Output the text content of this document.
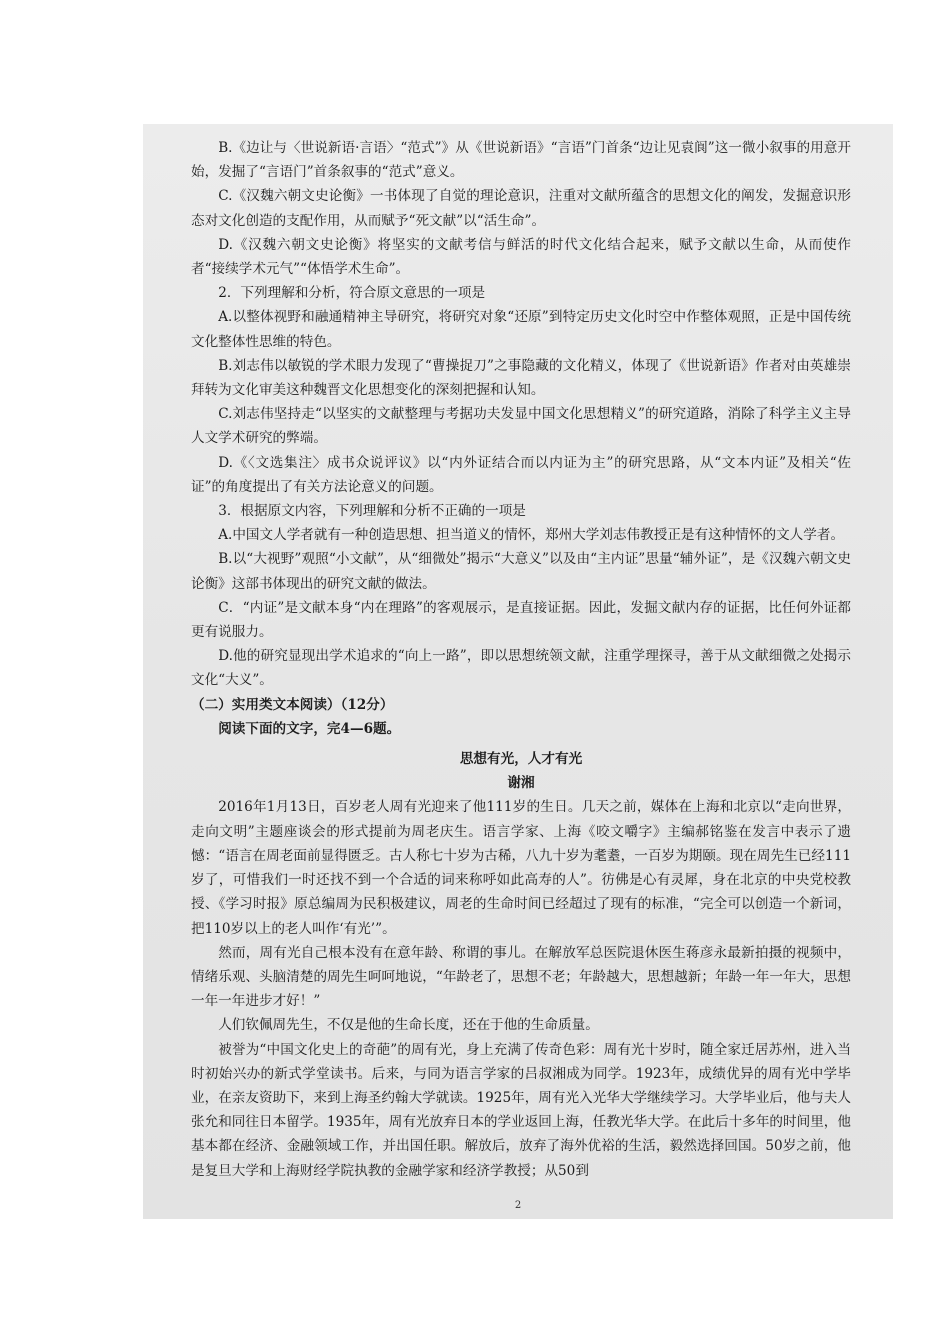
B.《边让与〈世说新语·言语〉“范式”》从《世说新语》“言语”门首条“边让见袁阆”这一微小叙事的用意开始，发掘了“言语门”首条叙事的“范式”意义。

C.《汉魏六朝文史论衡》一书体现了自觉的理论意识，注重对文献所蕴含的思想文化的阐发，发掘意识形态对文化创造的支配作用，从而赋予“死文献”以“活生命”。

D.《汉魏六朝文史论衡》将坚实的文献考信与鲜活的时代文化结合起来，赋予文献以生命，从而使作者“接续学术元气”“体悟学术生命”。

2．下列理解和分析，符合原文意思的一项是

A.以整体视野和融通精神主导研究，将研究对象“还原”到特定历史文化时空中作整体观照，正是中国传统文化整体性思维的特色。

B.刘志伟以敏锐的学术眼力发现了“曹操捉刀”之事隐藏的文化精义，体现了《世说新语》作者对由英雄崇拜转为文化审美这种魏晋文化思想变化的深刻把握和认知。

C.刘志伟坚持走“以坚实的文献整理与考据功夫发显中国文化思想精义”的研究道路，消除了科学主义主导人文学术研究的弊端。

D.《〈文选集注〉成书众说评议》以“内外证结合而以内证为主”的研究思路，从“文本内证”及相关“佐证”的角度提出了有关方法论意义的问题。

3．根据原文内容，下列理解和分析不正确的一项是

A.中国文人学者就有一种创造思想、担当道义的情怀，郑州大学刘志伟教授正是有这种情怀的文人学者。

B.以“大视野”观照“小文献”，从“细微处”揭示“大意义”以及由“主内证”思量“辅外证”，是《汉魏六朝文史论衡》这部书体现出的研究文献的做法。

C．“内证”是文献本身“内在理路”的客观展示，是直接证据。因此，发掘文献内存的证据，比任何外证都更有说服力。

D.他的研究显现出学术追求的“向上一路”，即以思想统领文献，注重学理探寻，善于从文献细微之处揭示文化“大义”。

（二）实用类文本阅读）（12分）

阅读下面的文字，完4—6题。

思想有光，人才有光

谢湘

2016年1月13日，百岁老人周有光迎来了他111岁的生日。几天之前，媒体在上海和北京以“走向世界，走向文明”主题座谈会的形式提前为周老庆生。语言学家、上海《咬文嚼字》主编郝铭鉴在发言中表示了遗憾：“语言在周老面前显得匮乏。古人称七十岁为古稀，八九十岁为耄耋，一百岁为期颐。现在周先生已经111岁了，可惜我们一时还找不到一个合适的词来称呼如此高寿的人”。彷佛是心有灵犀，身在北京的中央党校教授、《学习时报》原总编周为民积极建议，周老的生命时间已经超过了现有的标准，“完全可以创造一个新词，把110岁以上的老人叫作‘有光’”。

然而，周有光自己根本没有在意年龄、称谓的事儿。在解放军总医院退休医生蒋彦永最新拍摄的视频中，情绪乐观、头脑清楚的周先生呵呵地说，“年龄老了，思想不老；年龄越大，思想越新；年龄一年一年大，思想一年一年进步才好！”

人们钦佩周先生，不仅是他的生命长度，还在于他的生命质量。

被誉为“中国文化史上的奇葩”的周有光，身上充满了传奇色彩：周有光十岁时，随全家迁居苏州，进入当时初始兴办的新式学堂读书。后来，与同为语言学家的吕叔湘成为同学。1923年，成绩优异的周有光中学毕业，在亲友资助下，来到上海圣约翰大学就读。1925年，周有光入光华大学继续学习。大学毕业后，他与夫人张允和同往日本留学。1935年，周有光放弃日本的学业返回上海，任教光华大学。在此后十多年的时间里，他基本都在经济、金融领域工作，并出国任职。解放后，放弃了海外优裕的生活，毅然选择回国。50岁之前，他是复旦大学和上海财经学院执教的金融学家和经济学教授；从50到

2
